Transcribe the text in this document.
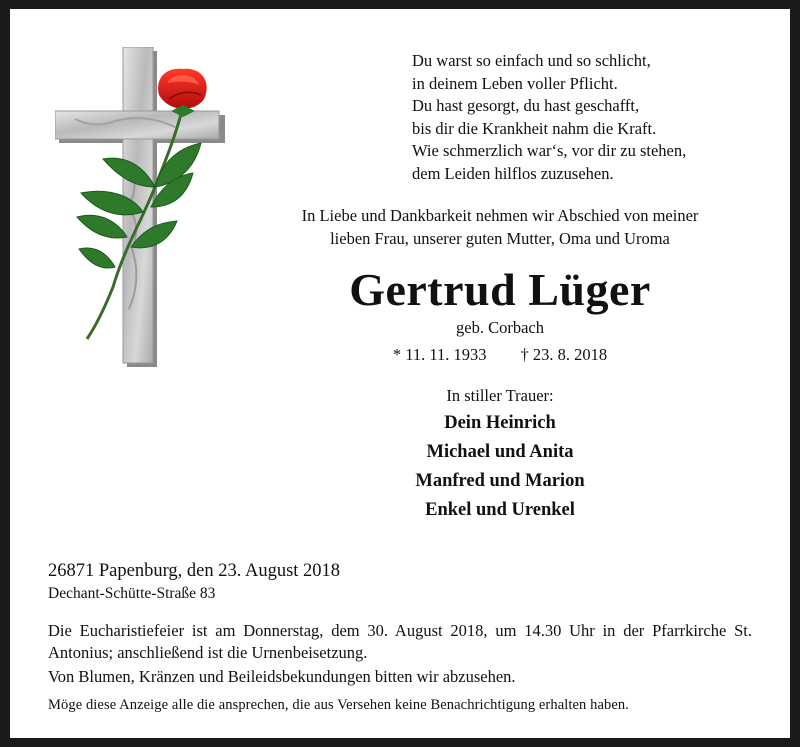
Du warst so einfach und so schlicht,
in deinem Leben voller Pflicht.
Du hast gesorgt, du hast geschafft,
bis dir die Krankheit nahm die Kraft.
Wie schmerzlich war‘s, vor dir zu stehen,
dem Leiden hilflos zuzusehen.
In Liebe und Dankbarkeit nehmen wir Abschied von meiner
lieben Frau, unserer guten Mutter, Oma und Uroma
Gertrud Lüger
geb. Corbach
* 11. 11. 1933 † 23. 8. 2018
In stiller Trauer:
Dein Heinrich
Michael und Anita
Manfred und Marion
Enkel und Urenkel
26871 Papenburg, den 23. August 2018
Dechant-Schütte-Straße 83
Die Eucharistiefeier ist am Donnerstag, dem 30. August 2018, um 14.30 Uhr in der Pfarrkirche St. Antonius; anschließend ist die Urnenbeisetzung.
Von Blumen, Kränzen und Beileidsbekundungen bitten wir abzusehen.
Möge diese Anzeige alle die ansprechen, die aus Versehen keine Benachrichtigung erhalten haben.
